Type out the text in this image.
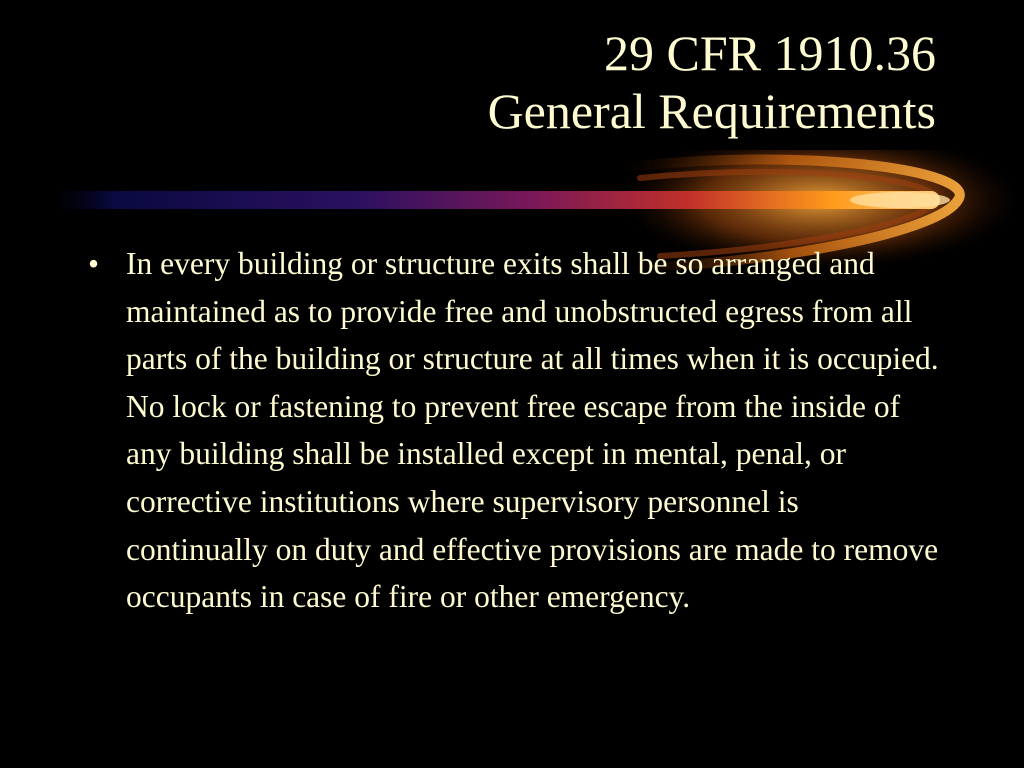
29 CFR 1910.36
General Requirements
• In every building or structure exits shall be so arranged and maintained as to provide free and unobstructed egress from all parts of the building or structure at all times when it is occupied. No lock or fastening to prevent free escape from the inside of any building shall be installed except in mental, penal, or corrective institutions where supervisory personnel is continually on duty and effective provisions are made to remove occupants in case of fire or other emergency.
